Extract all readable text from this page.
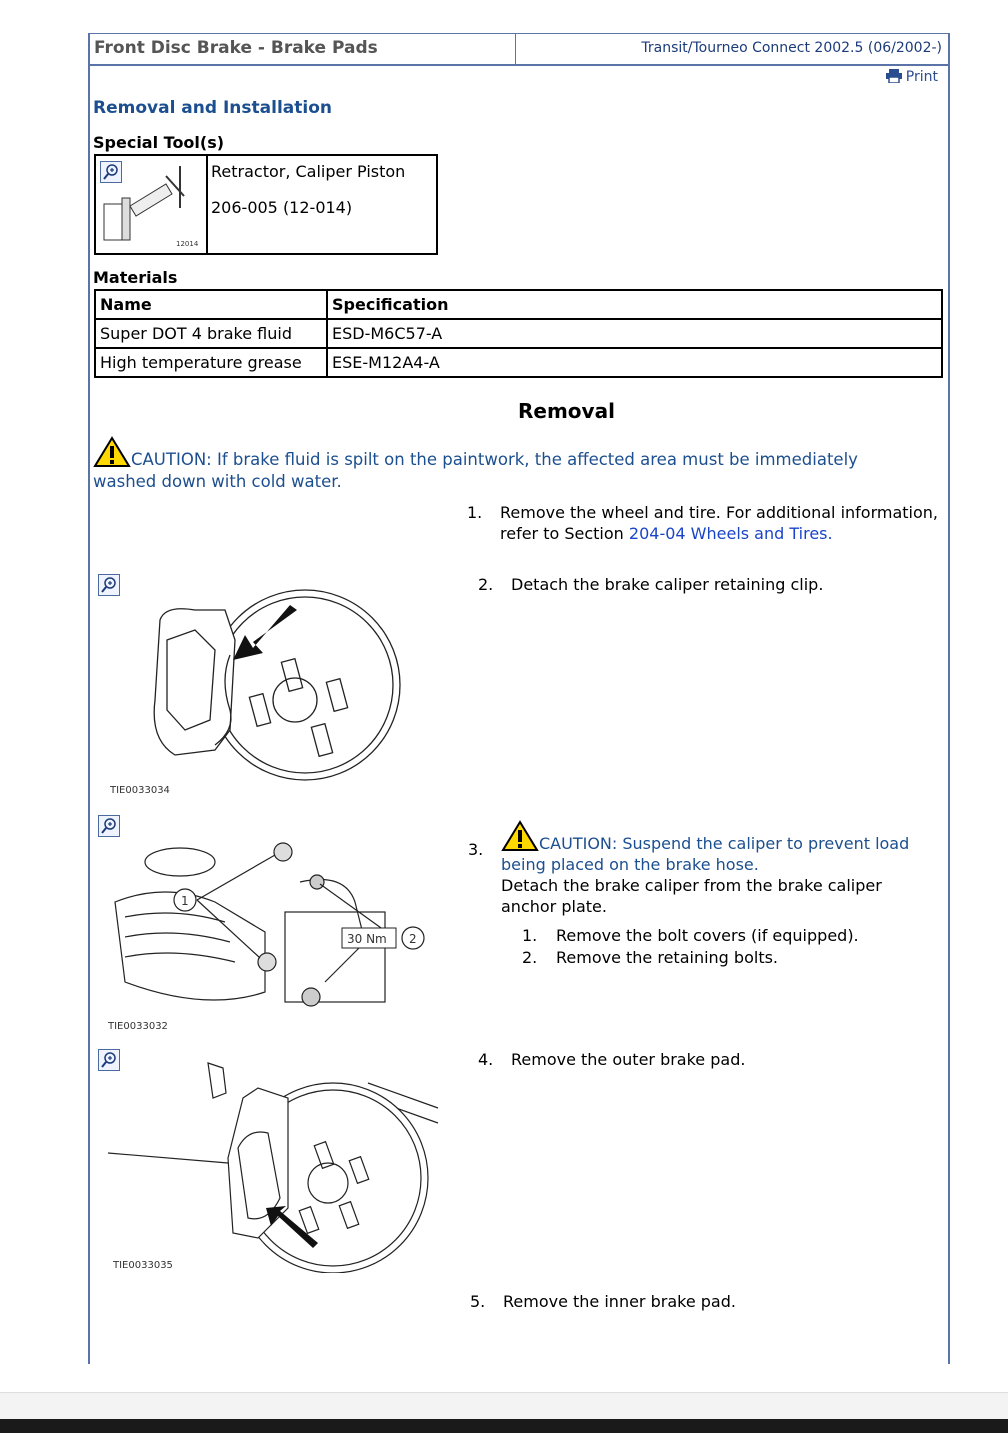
Front Disc Brake - Brake Pads	Transit/Tourneo Connect 2002.5 (06/2002-)
Print
Removal and Installation
Special Tool(s)
12014
Retractor, Caliper Piston
206-005 (12-014)
Materials
Name	Specification
Super DOT 4 brake fluid	ESD-M6C57-A
High temperature grease	ESE-M12A4-A
Removal
CAUTION: If brake fluid is spilt on the paintwork, the affected area must be immediately washed down with cold water.
1. Remove the wheel and tire. For additional information, refer to Section 204-04 Wheels and Tires.
2. Detach the brake caliper retaining clip.
TIE0033034
1
30 Nm 2
TIE0033032
3.	CAUTION: Suspend the caliper to prevent load being placed on the brake hose.
Detach the brake caliper from the brake caliper anchor plate.
1. Remove the bolt covers (if equipped).
2. Remove the retaining bolts.
TIE0033035
4. Remove the outer brake pad.
5. Remove the inner brake pad.
